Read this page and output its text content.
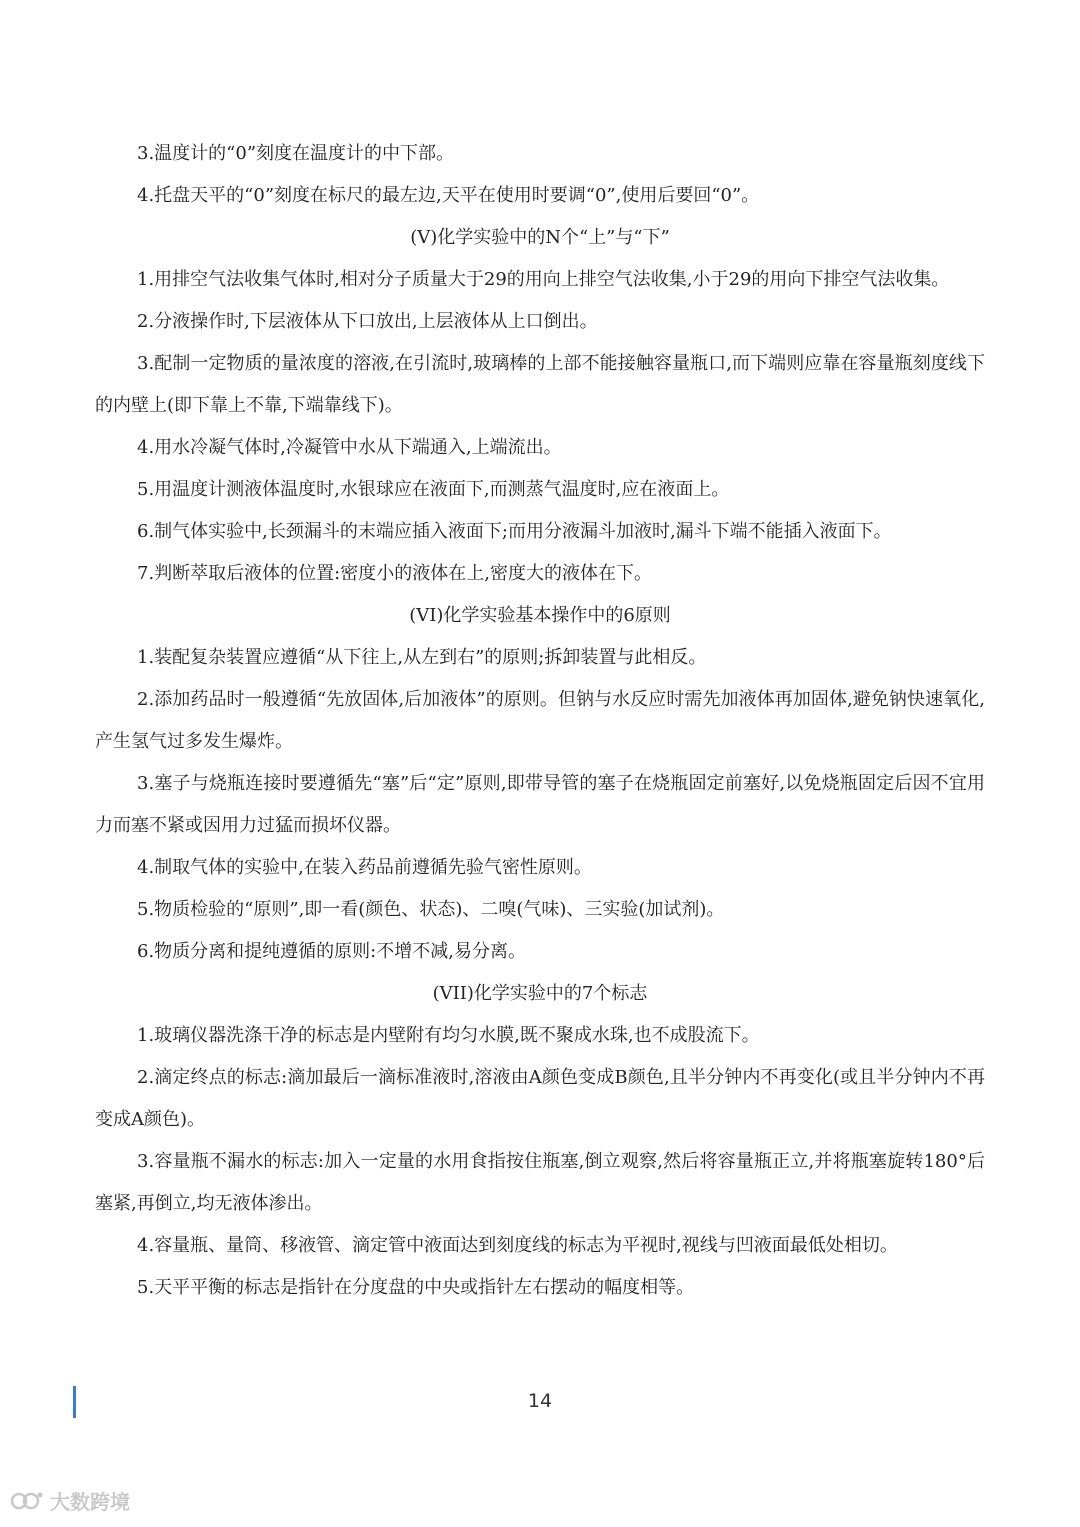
3.温度计的“0”刻度在温度计的中下部。

4.托盘天平的“0”刻度在标尺的最左边,天平在使用时要调“0”,使用后要回“0”。

(V)化学实验中的N个“上”与“下”

1.用排空气法收集气体时,相对分子质量大于29的用向上排空气法收集,小于29的用向下排空气法收集。

2.分液操作时,下层液体从下口放出,上层液体从上口倒出。

3.配制一定物质的量浓度的溶液,在引流时,玻璃棒的上部不能接触容量瓶口,而下端则应靠在容量瓶刻度线下的内壁上(即下靠上不靠,下端靠线下)。

4.用水冷凝气体时,冷凝管中水从下端通入,上端流出。

5.用温度计测液体温度时,水银球应在液面下,而测蒸气温度时,应在液面上。

6.制气体实验中,长颈漏斗的末端应插入液面下;而用分液漏斗加液时,漏斗下端不能插入液面下。

7.判断萃取后液体的位置:密度小的液体在上,密度大的液体在下。

(VI)化学实验基本操作中的6原则

1.装配复杂装置应遵循“从下往上,从左到右”的原则;拆卸装置与此相反。

2.添加药品时一般遵循“先放固体,后加液体”的原则。但钠与水反应时需先加液体再加固体,避免钠快速氧化,产生氢气过多发生爆炸。

3.塞子与烧瓶连接时要遵循先“塞”后“定”原则,即带导管的塞子在烧瓶固定前塞好,以免烧瓶固定后因不宜用力而塞不紧或因用力过猛而损坏仪器。

4.制取气体的实验中,在装入药品前遵循先验气密性原则。

5.物质检验的“原则”,即一看(颜色、状态)、二嗅(气味)、三实验(加试剂)。

6.物质分离和提纯遵循的原则:不增不减,易分离。

(VII)化学实验中的7个标志

1.玻璃仪器洗涤干净的标志是内壁附有均匀水膜,既不聚成水珠,也不成股流下。

2.滴定终点的标志:滴加最后一滴标准液时,溶液由A颜色变成B颜色,且半分钟内不再变化(或且半分钟内不再变成A颜色)。

3.容量瓶不漏水的标志:加入一定量的水用食指按住瓶塞,倒立观察,然后将容量瓶正立,并将瓶塞旋转180°后塞紧,再倒立,均无液体渗出。

4.容量瓶、量筒、移液管、滴定管中液面达到刻度线的标志为平视时,视线与凹液面最低处相切。

5.天平平衡的标志是指针在分度盘的中央或指针左右摆动的幅度相等。

14
大数跨境
